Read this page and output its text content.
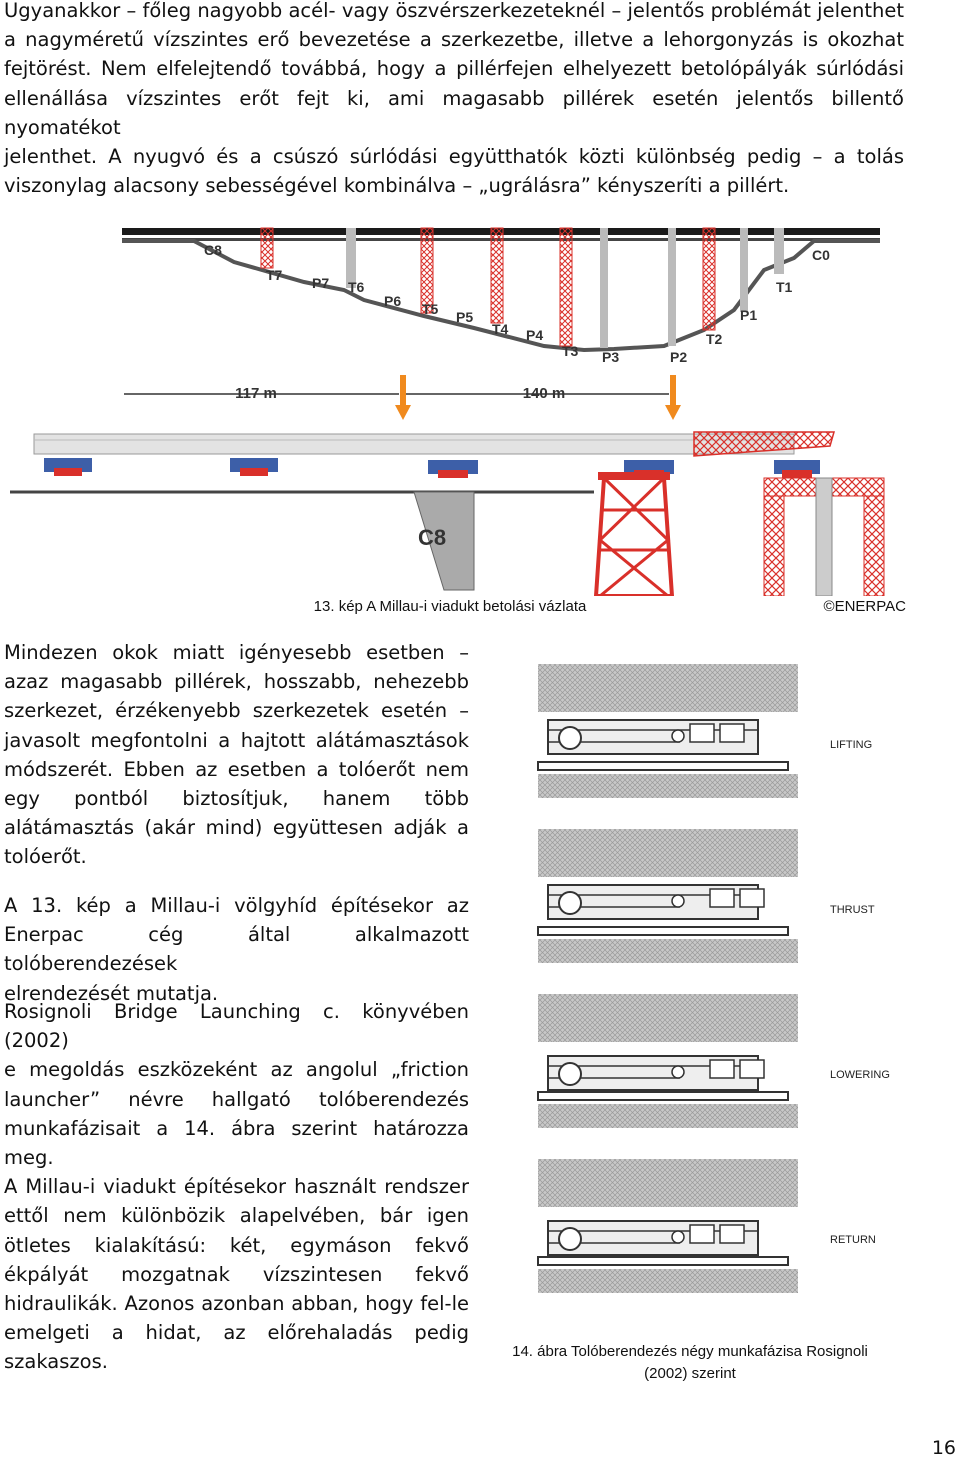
Ugyanakkor – főleg nagyobb acél- vagy öszvérszerkezeteknél – jelentős problémát jelenthet
a nagyméretű vízszintes erő bevezetése a szerkezetbe, illetve a lehorgonyzás is okozhat
fejtörést. Nem elfelejtendő továbbá, hogy a pillérfejen elhelyezett betolópályák súrlódási
ellenállása vízszintes erőt fejt ki, ami magasabb pillérek esetén jelentős billentő nyomatékot
jelenthet. A nyugvó és a csúszó súrlódási együtthatók közti különbség pedig – a tolás
viszonylag alacsony sebességével kombinálva – „ugrálásra” kényszeríti a pillért.
C8
T7 P7 T6
P6 T5 P5
T4 P4
T3 P3	P2
T2
P1
T1
C0
117 m	140 m
C8
13. kép A Millau-i viadukt betolási vázlata	©ENERPAC
Mindezen okok miatt igényesebb esetben –
azaz magasabb pillérek, hosszabb, nehezebb
szerkezet, érzékenyebb szerkezetek esetén –
javasolt megfontolni a hajtott alátámasztások
módszerét. Ebben az esetben a tolóerőt nem
egy pontból biztosítjuk, hanem több
alátámasztás (akár mind) együttesen adják a
tolóerőt.
A 13. kép a Millau-i völgyhíd építésekor az
Enerpac cég által alkalmazott tolóberendezések
elrendezését mutatja.
Rosignoli Bridge Launching c. könyvében (2002)
e megoldás eszközeként az angolul „friction
launcher” névre hallgató tolóberendezés
munkafázisait a 14. ábra szerint határozza meg.
A Millau-i viadukt építésekor használt rendszer
ettől nem különbözik alapelvében, bár igen
ötletes kialakítású: két, egymáson fekvő
ékpályát mozgatnak vízszintesen fekvő
hidraulikák. Azonos azonban abban, hogy fel-le
emelgeti a hidat, az előrehaladás pedig
szakaszos.
LIFTING
THRUST
LOWERING
RETURN
14. ábra Tolóberendezés négy munkafázisa Rosignoli
(2002) szerint
16
